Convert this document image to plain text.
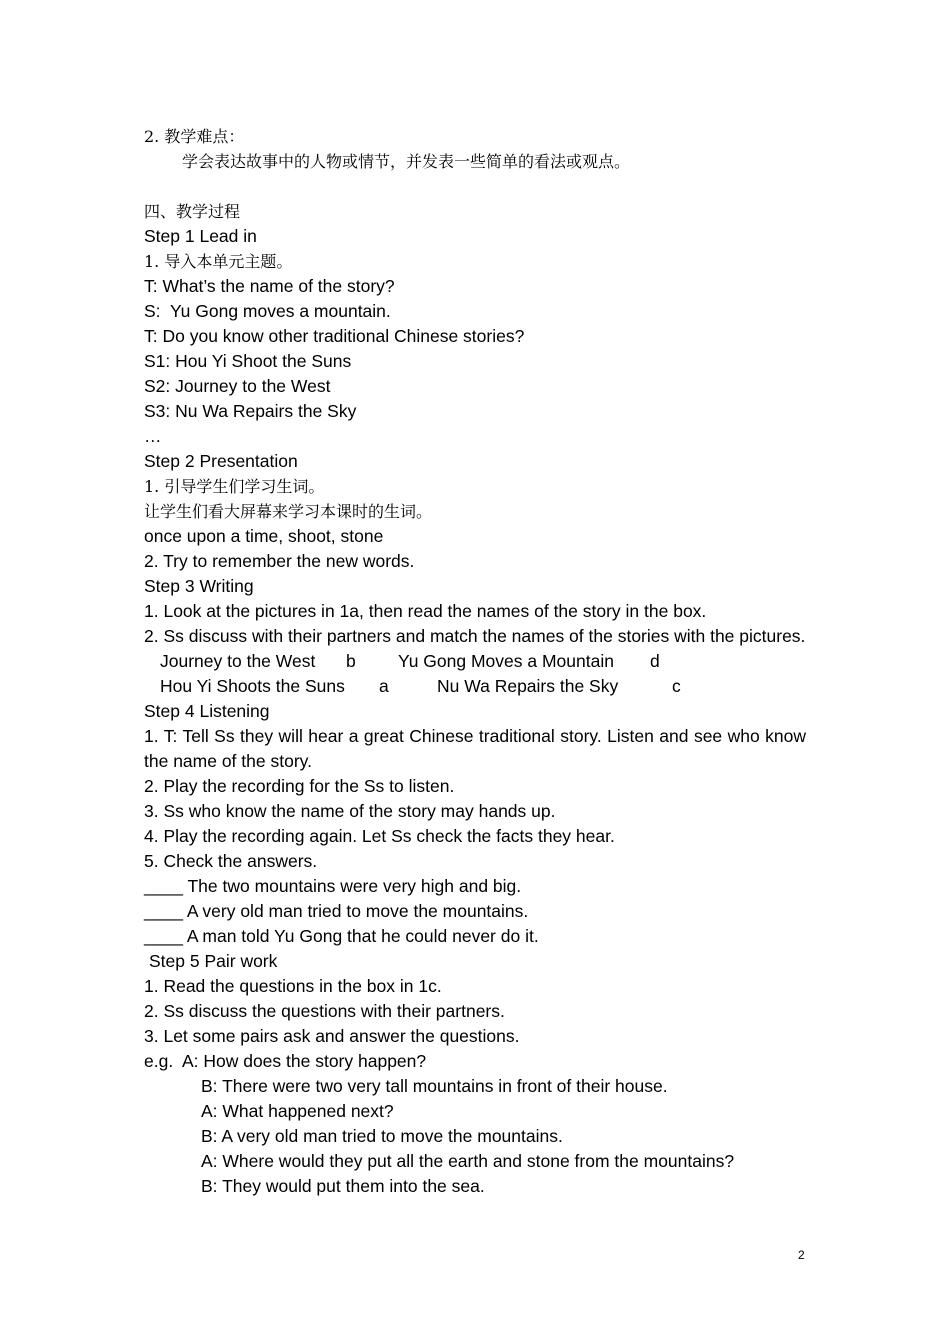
2. 教学难点：
学会表达故事中的人物或情节，并发表一些简单的看法或观点。
四、教学过程
Step 1 Lead in
1. 导入本单元主题。
T: What’s the name of the story?
S:  Yu Gong moves a mountain.
T: Do you know other traditional Chinese stories?
S1: Hou Yi Shoot the Suns
S2: Journey to the West
S3: Nu Wa Repairs the Sky
…
Step 2 Presentation
1. 引导学生们学习生词。
让学生们看大屏幕来学习本课时的生词。
once upon a time, shoot, stone
2. Try to remember the new words.
Step 3 Writing
1. Look at the pictures in 1a, then read the names of the story in the box.
2. Ss discuss with their partners and match the names of the stories with the pictures.
Journey to the West	b	Yu Gong Moves a Mountain	d
Hou Yi Shoots the Suns	a	Nu Wa Repairs the Sky	c
Step 4 Listening
1. T: Tell Ss they will hear a great Chinese traditional story. Listen and see who know the name of the story.
2. Play the recording for the Ss to listen.
3. Ss who know the name of the story may hands up.
4. Play the recording again. Let Ss check the facts they hear.
5. Check the answers.
____ The two mountains were very high and big.
____ A very old man tried to move the mountains.
____ A man told Yu Gong that he could never do it.
Step 5 Pair work
1. Read the questions in the box in 1c.
2. Ss discuss the questions with their partners.
3. Let some pairs ask and answer the questions.
e.g.  A: How does the story happen?
B: There were two very tall mountains in front of their house.
A: What happened next?
B: A very old man tried to move the mountains.
A: Where would they put all the earth and stone from the mountains?
B: They would put them into the sea.
2
